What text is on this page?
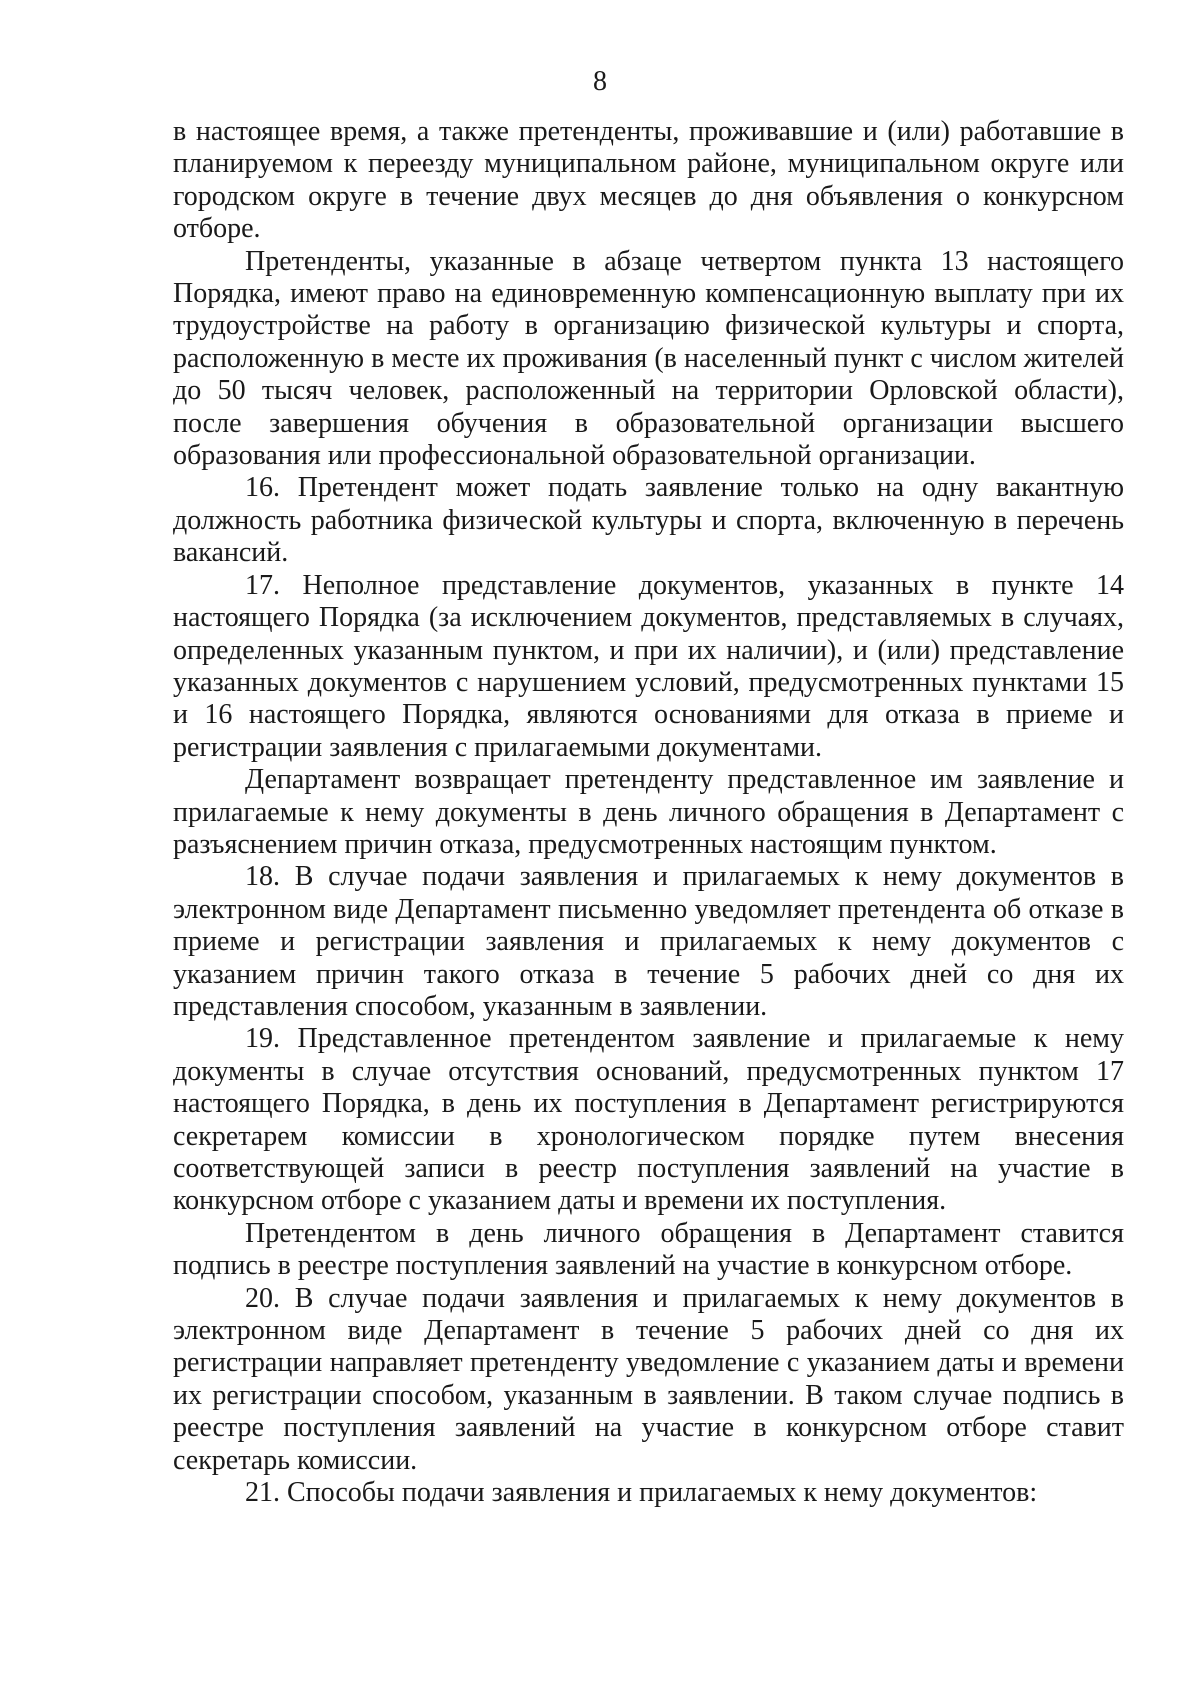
8

в настоящее время, а также претенденты, проживавшие и (или) работавшие в планируемом к переезду муниципальном районе, муниципальном округе или городском округе в течение двух месяцев до дня объявления о конкурсном отборе.

Претенденты, указанные в абзаце четвертом пункта 13 настоящего Порядка, имеют право на единовременную компенсационную выплату при их трудоустройстве на работу в организацию физической культуры и спорта, расположенную в месте их проживания (в населенный пункт с числом жителей до 50 тысяч человек, расположенный на территории Орловской области), после завершения обучения в образовательной организации высшего образования или профессиональной образовательной организации.

16. Претендент может подать заявление только на одну вакантную должность работника физической культуры и спорта, включенную в перечень вакансий.

17. Неполное представление документов, указанных в пункте 14 настоящего Порядка (за исключением документов, представляемых в случаях, определенных указанным пунктом, и при их наличии), и (или) представление указанных документов с нарушением условий, предусмотренных пунктами 15 и 16 настоящего Порядка, являются основаниями для отказа в приеме и регистрации заявления с прилагаемыми документами.

Департамент возвращает претенденту представленное им заявление и прилагаемые к нему документы в день личного обращения в Департамент с разъяснением причин отказа, предусмотренных настоящим пунктом.

18. В случае подачи заявления и прилагаемых к нему документов в электронном виде Департамент письменно уведомляет претендента об отказе в приеме и регистрации заявления и прилагаемых к нему документов с указанием причин такого отказа в течение 5 рабочих дней со дня их представления способом, указанным в заявлении.

19. Представленное претендентом заявление и прилагаемые к нему документы в случае отсутствия оснований, предусмотренных пунктом 17 настоящего Порядка, в день их поступления в Департамент регистрируются секретарем комиссии в хронологическом порядке путем внесения соответствующей записи в реестр поступления заявлений на участие в конкурсном отборе с указанием даты и времени их поступления.

Претендентом в день личного обращения в Департамент ставится подпись в реестре поступления заявлений на участие в конкурсном отборе.

20. В случае подачи заявления и прилагаемых к нему документов в электронном виде Департамент в течение 5 рабочих дней со дня их регистрации направляет претенденту уведомление с указанием даты и времени их регистрации способом, указанным в заявлении. В таком случае подпись в реестре поступления заявлений на участие в конкурсном отборе ставит секретарь комиссии.

21. Способы подачи заявления и прилагаемых к нему документов:
